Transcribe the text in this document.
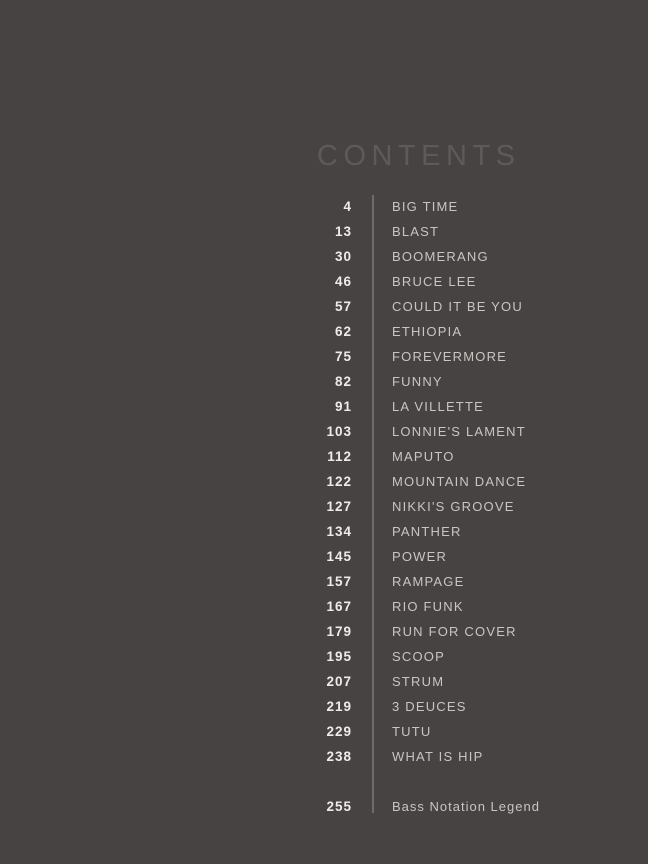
CONTENTS
4	BIG TIME
13	BLAST
30	BOOMERANG
46	BRUCE LEE
57	COULD IT BE YOU
62	ETHIOPIA
75	FOREVERMORE
82	FUNNY
91	LA VILLETTE
103	LONNIE'S LAMENT
112	MAPUTO
122	MOUNTAIN DANCE
127	NIKKI'S GROOVE
134	PANTHER
145	POWER
157	RAMPAGE
167	RIO FUNK
179	RUN FOR COVER
195	SCOOP
207	STRUM
219	3 DEUCES
229	TUTU
238	WHAT IS HIP
255	Bass Notation Legend
